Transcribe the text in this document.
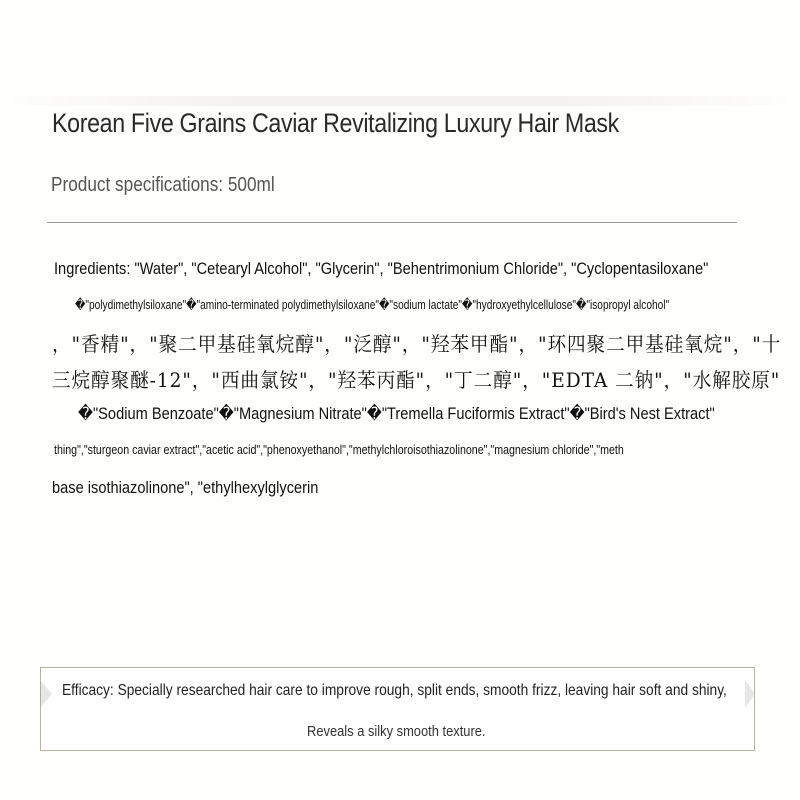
Korean Five Grains Caviar Revitalizing Luxury Hair Mask
Product specifications: 500ml
Ingredients: "Water", "Cetearyl Alcohol", "Glycerin", "Behentrimonium Chloride", "Cyclopentasiloxane"
�"polydimethylsiloxane"�"amino-terminated polydimethylsiloxane"�"sodium lactate"�"hydroxyethylcellulose"�"isopropyl alcohol"
，"香精"，"聚二甲基硅氧烷醇"，"泛醇"，"羟苯甲酯"，"环四聚二甲基硅氧烷"，"十
三烷醇聚醚-12"，"西曲氯铵"，"羟苯丙酯"，"丁二醇"，"EDTA 二钠"，"水解胶原"
�"Sodium Benzoate"�"Magnesium Nitrate"�"Tremella Fuciformis Extract"�"Bird's Nest Extract"
thing","sturgeon caviar extract","acetic acid","phenoxyethanol","methylchloroisothiazolinone","magnesium chloride","meth
base isothiazolinone", "ethylhexylglycerin
Efficacy: Specially researched hair care to improve rough, split ends, smooth frizz, leaving hair soft and shiny,
Reveals a silky smooth texture.
